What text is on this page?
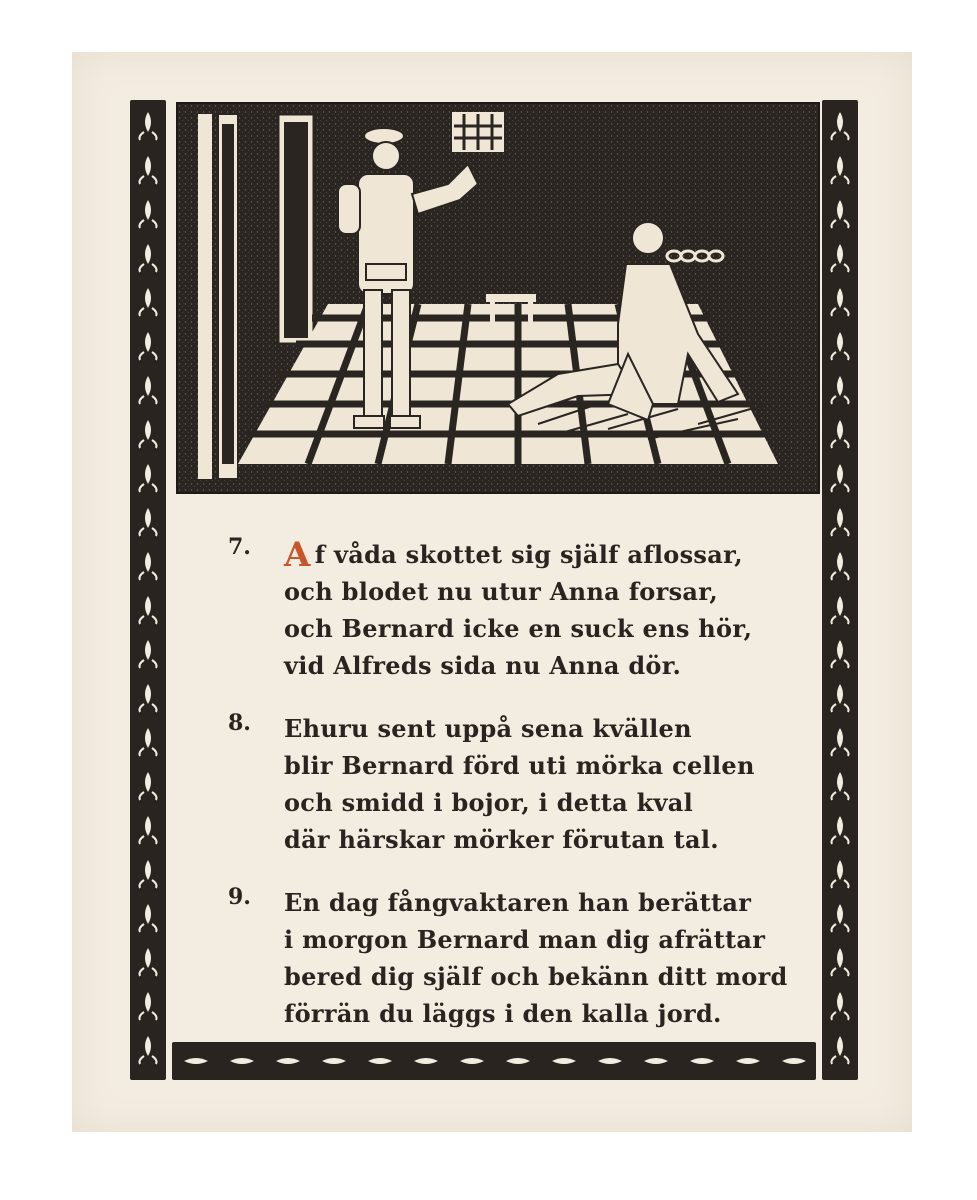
7. A f våda skottet sig själf aflossar,
och blodet nu utur Anna forsar,
och Bernard icke en suck ens hör,
vid Alfreds sida nu Anna dör.
8.	Ehuru sent uppå sena kvällen
blir Bernard förd uti mörka cellen
och smidd i bojor, i detta kval
där härskar mörker förutan tal.
9.	En dag fångvaktaren han berättar
i morgon Bernard man dig afrättar
bered dig själf och bekänn ditt mord
förrän du läggs i den kalla jord.
